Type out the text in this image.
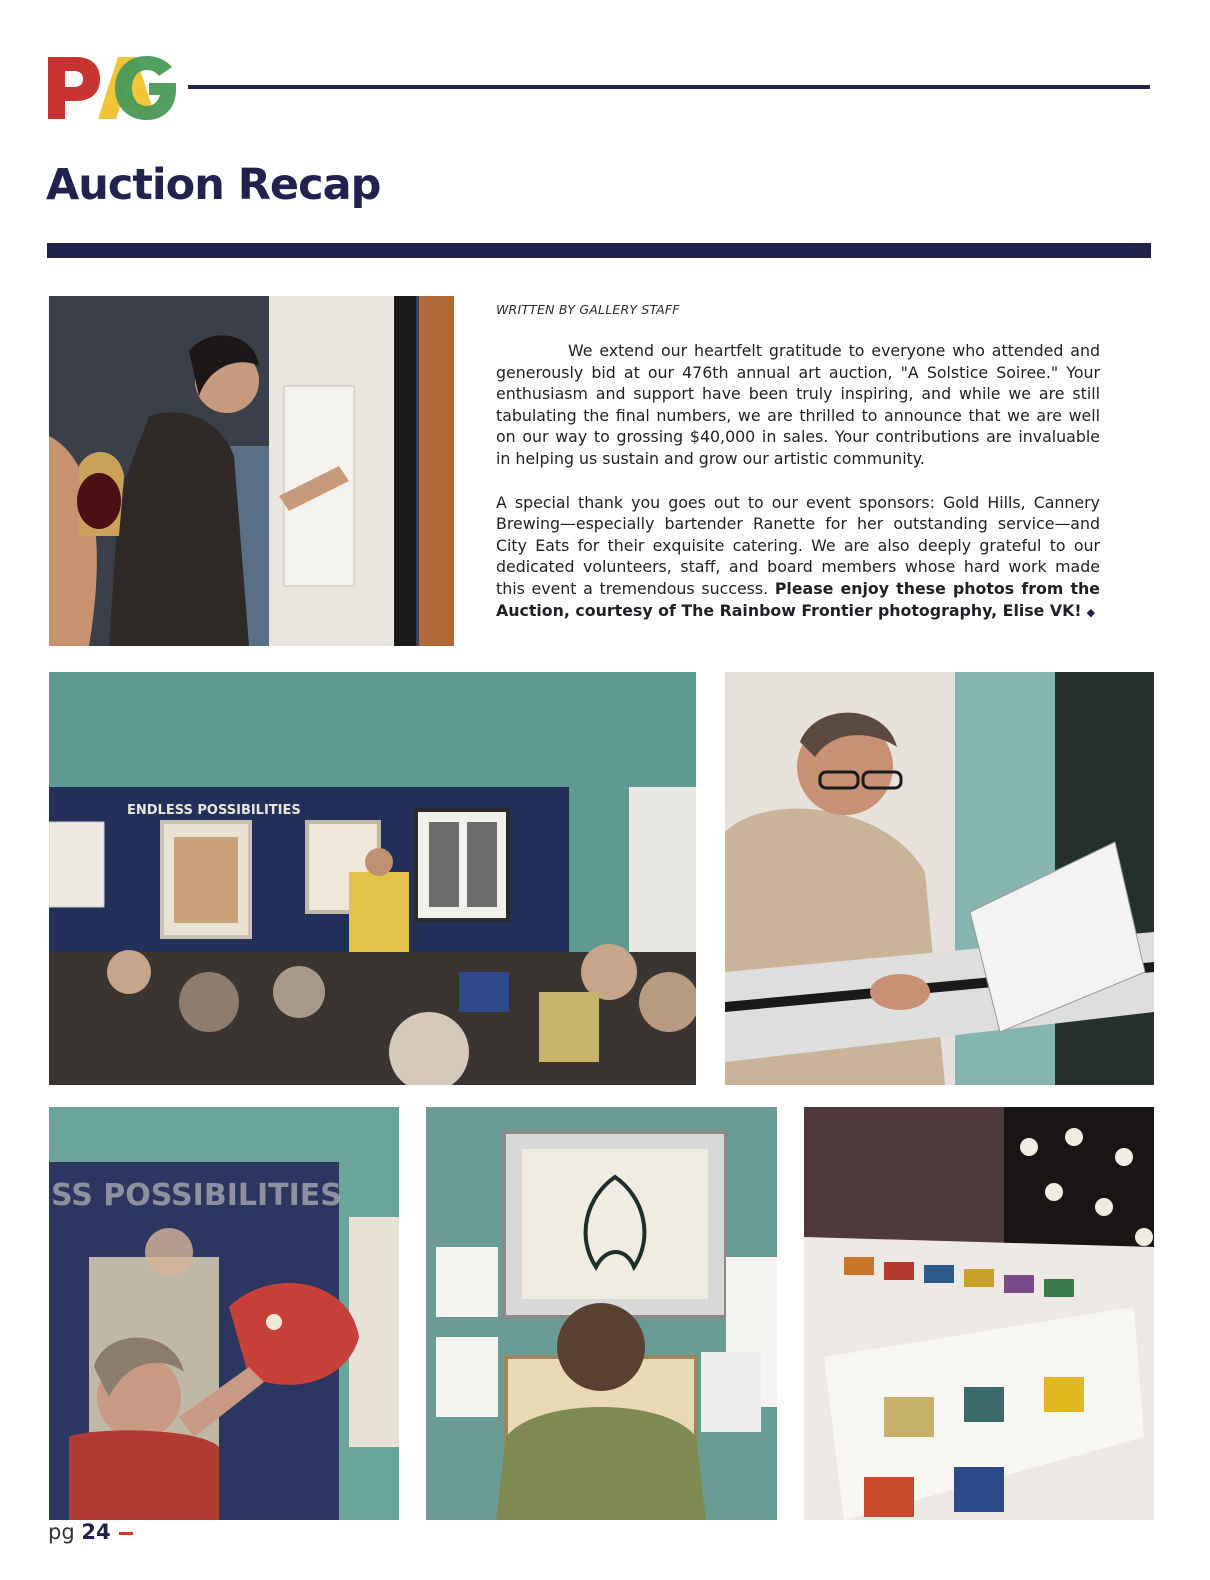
Auction Recap

WRITTEN BY GALLERY STAFF

We extend our heartfelt gratitude to everyone who attended and generously bid at our 476th annual art auction, "A Solstice Soiree." Your enthusiasm and support have been truly inspiring, and while we are still tabulating the final numbers, we are thrilled to announce that we are well on our way to grossing $40,000 in sales. Your contributions are invaluable in helping us sustain and grow our artistic community.

A special thank you goes out to our event sponsors: Gold Hills, Cannery Brewing—especially bartender Ranette for her outstanding service—and City Eats for their exquisite catering. We are also deeply grateful to our dedicated volunteers, staff, and board members whose hard work made this event a tremendous success. Please enjoy these photos from the Auction, courtesy of The Rainbow Frontier photography, Elise VK! ◆

ENDLESS POSSIBILITIES
SS POSSIBILITIES
pg 24
